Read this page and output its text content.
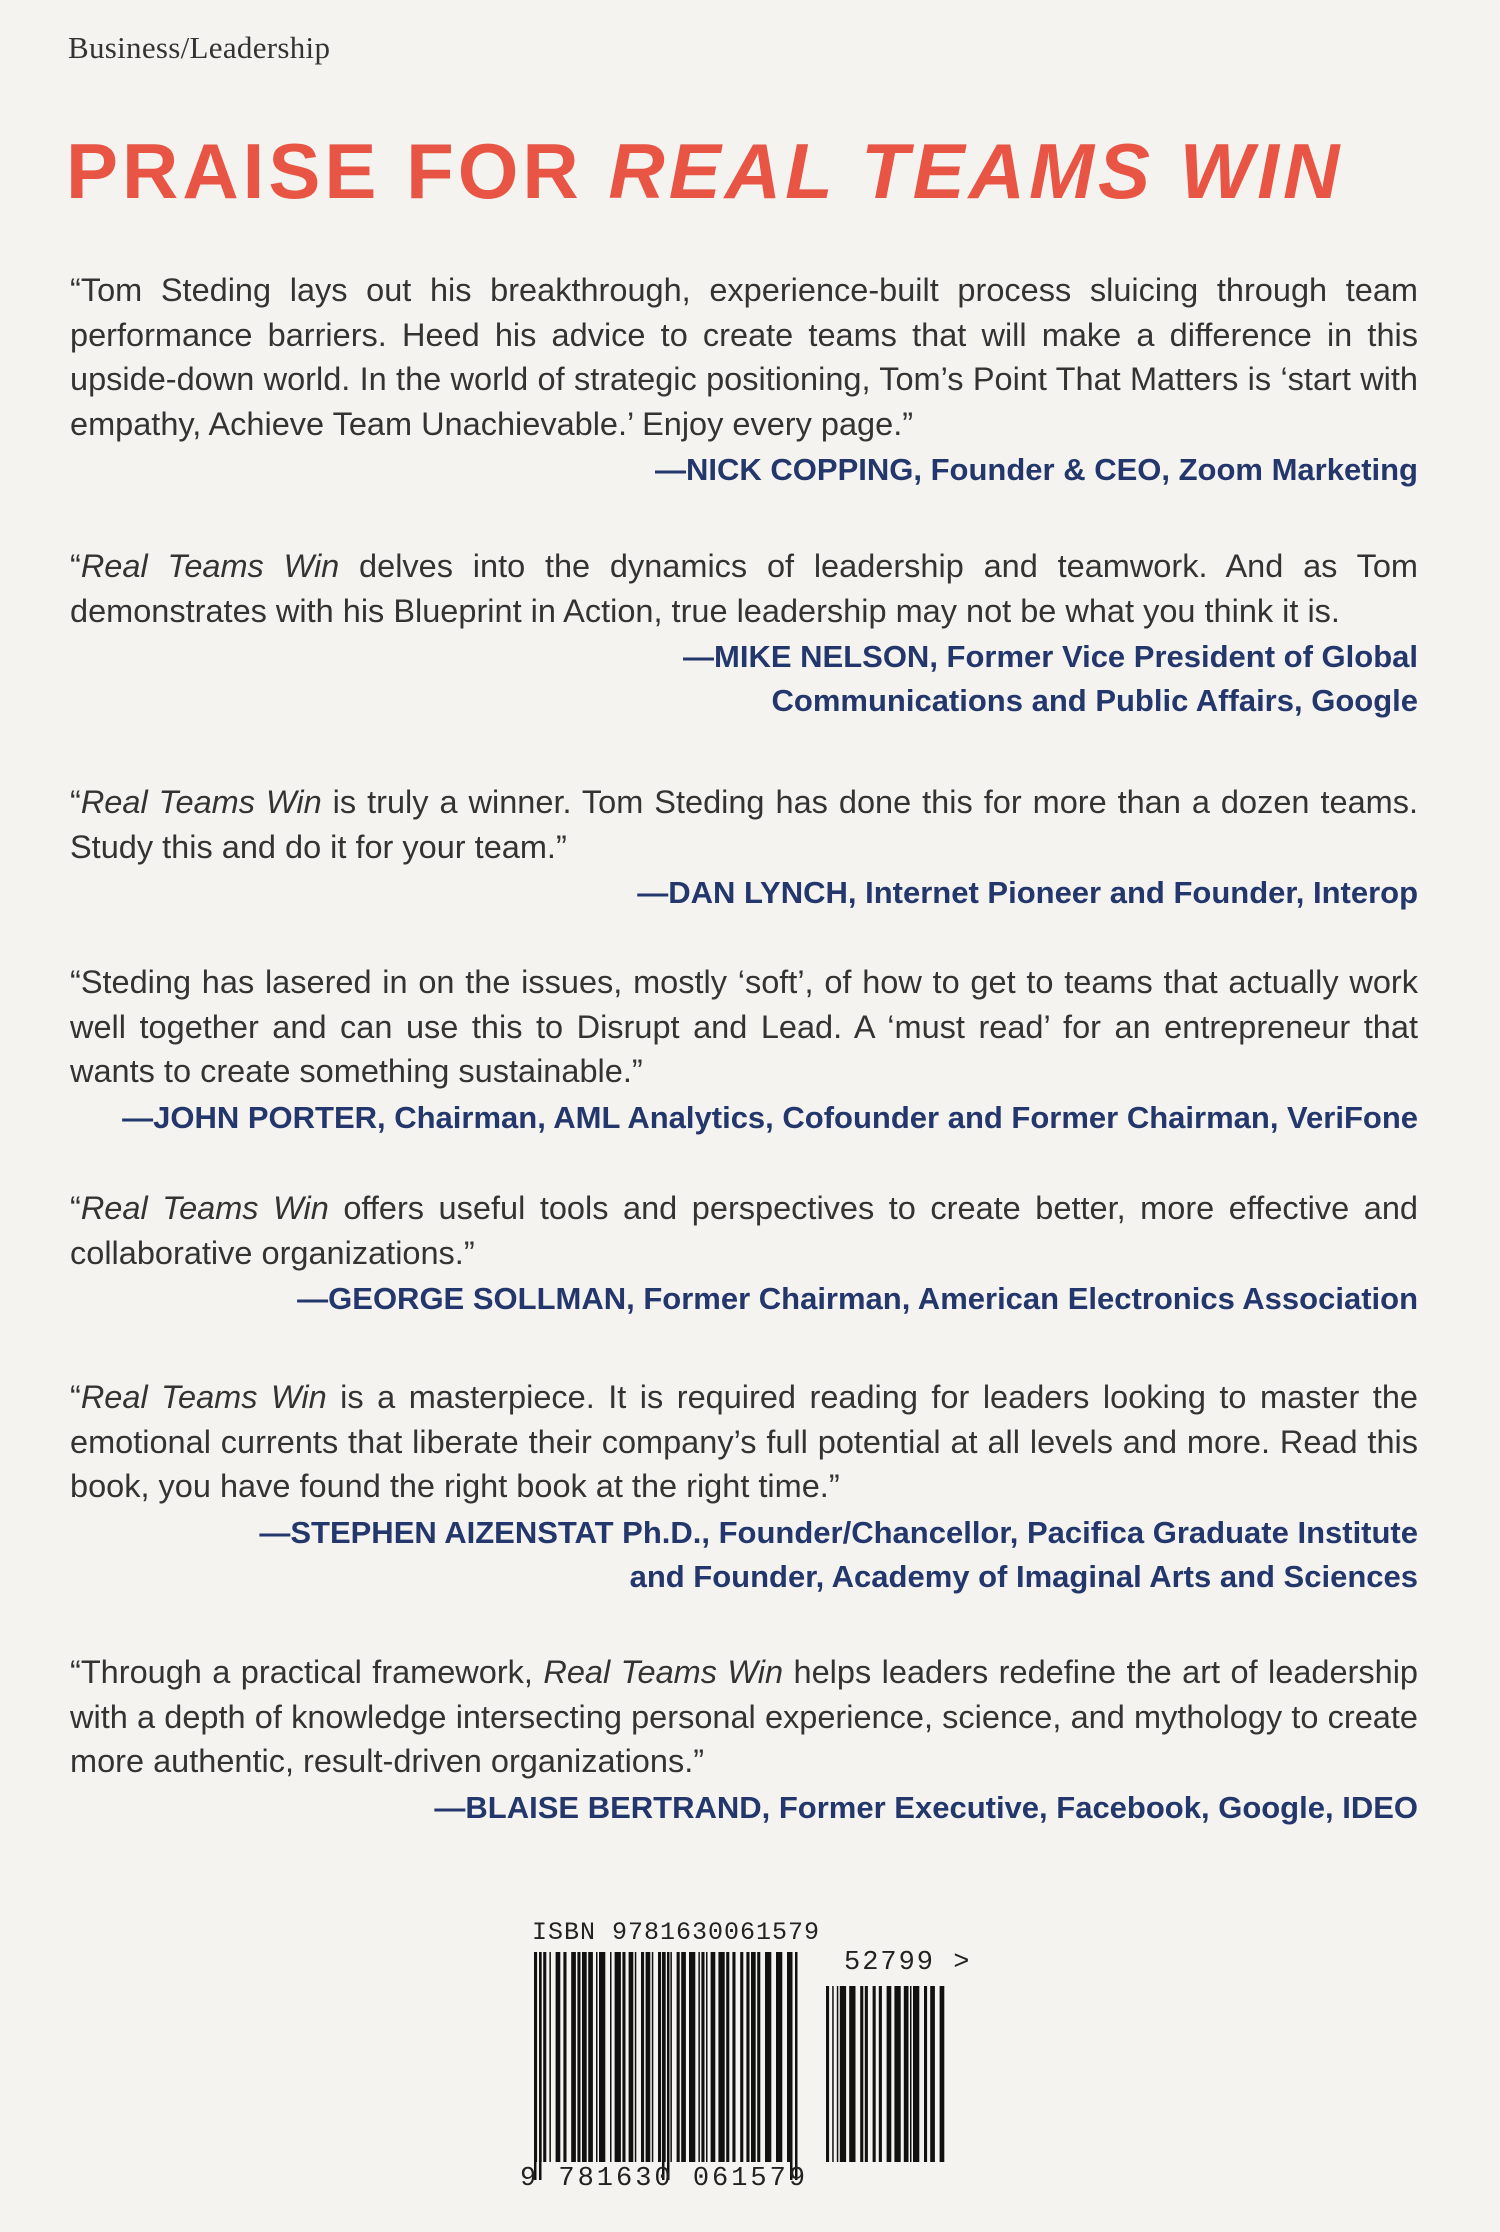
Business/Leadership
PRAISE FOR REAL TEAMS WIN

“Tom Steding lays out his breakthrough, experience-built process sluicing through team performance barriers. Heed his advice to create teams that will make a difference in this upside-down world. In the world of strategic positioning, Tom’s Point That Matters is ‘start with empathy, Achieve Team Unachievable.’ Enjoy every page.”

—NICK COPPING, Founder & CEO, Zoom Marketing

“Real Teams Win delves into the dynamics of leadership and teamwork. And as Tom demonstrates with his Blueprint in Action, true leadership may not be what you think it is.

—MIKE NELSON, Former Vice President of Global
Communications and Public Affairs, Google

“Real Teams Win is truly a winner. Tom Steding has done this for more than a dozen teams. Study this and do it for your team.”

—DAN LYNCH, Internet Pioneer and Founder, Interop

“Steding has lasered in on the issues, mostly ‘soft’, of how to get to teams that actually work well together and can use this to Disrupt and Lead. A ‘must read’ for an entrepreneur that wants to create something sustainable.”

—JOHN PORTER, Chairman, AML Analytics, Cofounder and Former Chairman, VeriFone

“Real Teams Win offers useful tools and perspectives to create better, more effective and collaborative organizations.”

—GEORGE SOLLMAN, Former Chairman, American Electronics Association

“Real Teams Win is a masterpiece. It is required reading for leaders looking to master the emotional currents that liberate their company’s full potential at all levels and more. Read this book, you have found the right book at the right time.”

—STEPHEN AIZENSTAT Ph.D., Founder/Chancellor, Pacifica Graduate Institute
and Founder, Academy of Imaginal Arts and Sciences

“Through a practical framework, Real Teams Win helps leaders redefine the art of leadership with a depth of knowledge intersecting personal experience, science, and mythology to create more authentic, result-driven organizations.”

—BLAISE BERTRAND, Former Executive, Facebook, Google, IDEO
ISBN 9781630061579
52799 >
9 781630 061579
